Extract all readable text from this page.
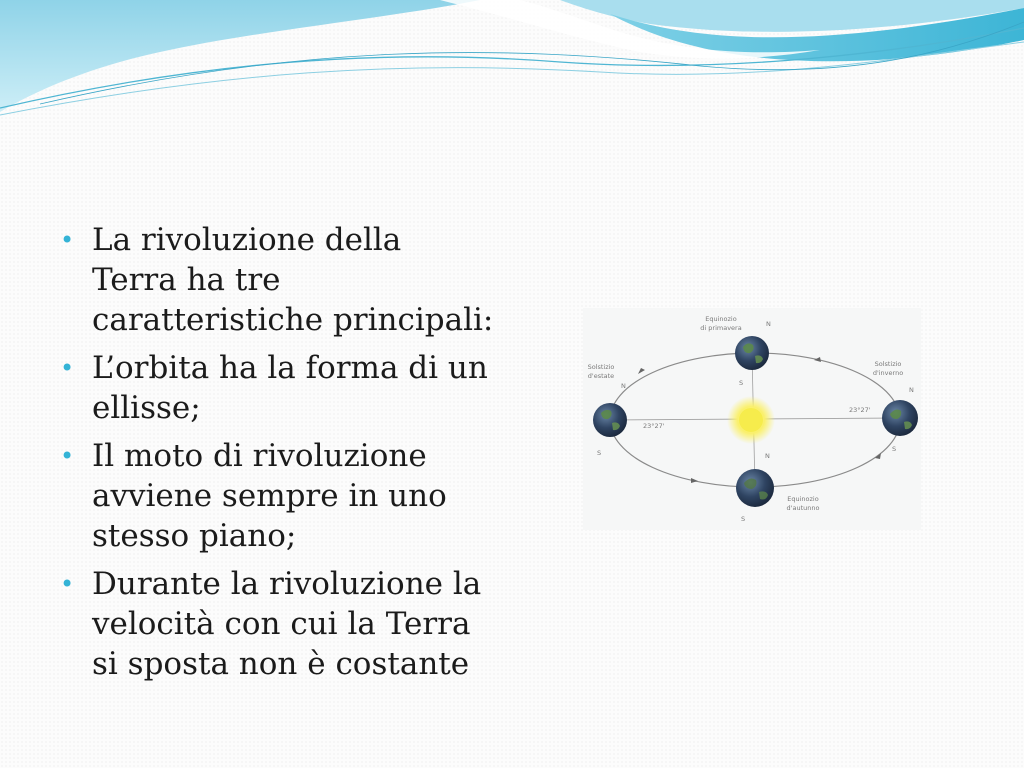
• La rivoluzione della
Terra ha tre
caratteristiche principali:
• L’orbita ha la forma di un
ellisse;
• Il moto di rivoluzione
avviene sempre in uno
stesso piano;
• Durante la rivoluzione la
velocità con cui la Terra
si sposta non è costante
Equinozio
di primavera
Solstizio
d'estate
Solstizio
d'inverno
Equinozio
d'autunno
N
S
N
S
N
S
N
S
23°27'
23°27'
